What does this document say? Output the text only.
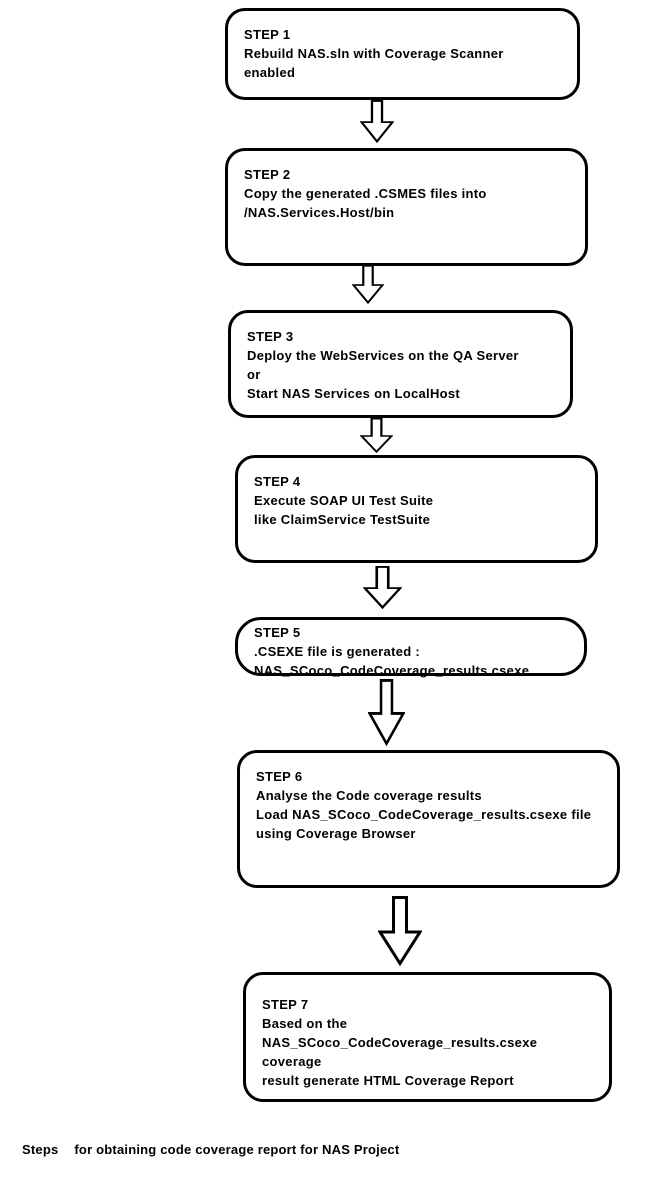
STEP 1
Rebuild NAS.sln with Coverage Scanner
enabled
STEP 2
Copy the generated .CSMES files into
/NAS.Services.Host/bin
STEP 3
Deploy the WebServices on the QA Server
or
Start NAS Services on LocalHost
STEP 4
Execute SOAP UI Test Suite
like ClaimService TestSuite
STEP 5
.CSEXE file is generated :
NAS_SCoco_CodeCoverage_results.csexe
STEP 6
Analyse the Code coverage results
Load NAS_SCoco_CodeCoverage_results.csexe file
using Coverage Browser
STEP 7
Based on the
NAS_SCoco_CodeCoverage_results.csexe coverage
result generate HTML Coverage Report
Steps for obtaining code coverage report for NAS Project
